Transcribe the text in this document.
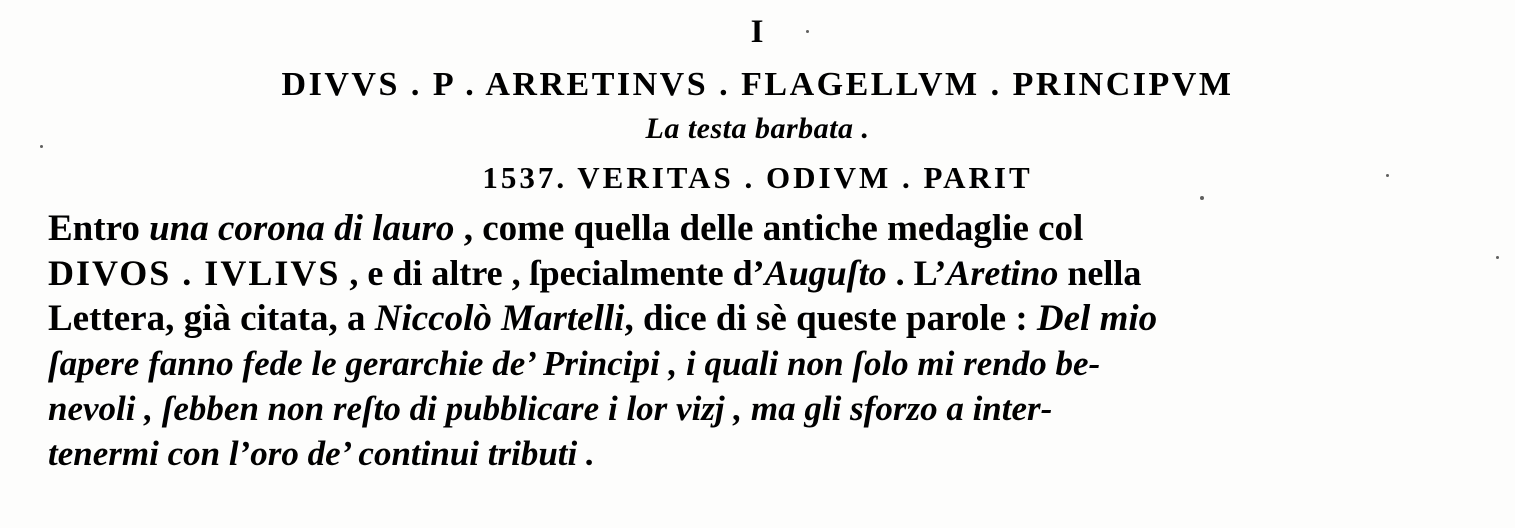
I
DIVVS . P . ARRETINVS . FLAGELLVM . PRINCIPVM
La testa barbata .
1537. VERITAS . ODIVM . PARIT
Entro una corona di lauro , come quella delle antiche medaglie col
DIVOS . IVLIVS , e di altre , ſpecialmente d’Auguſto . L’Aretino nella
Lettera, già citata, a Niccolò Martelli, dice di sè queste parole : Del mio
ſapere fanno fede le gerarchie de’ Principi , i quali non ſolo mi rendo be-
nevoli , ſebben non reſto di pubblicare i lor vizj , ma gli sforzo a inter-
tenermi con l’oro de’ continui tributi .
